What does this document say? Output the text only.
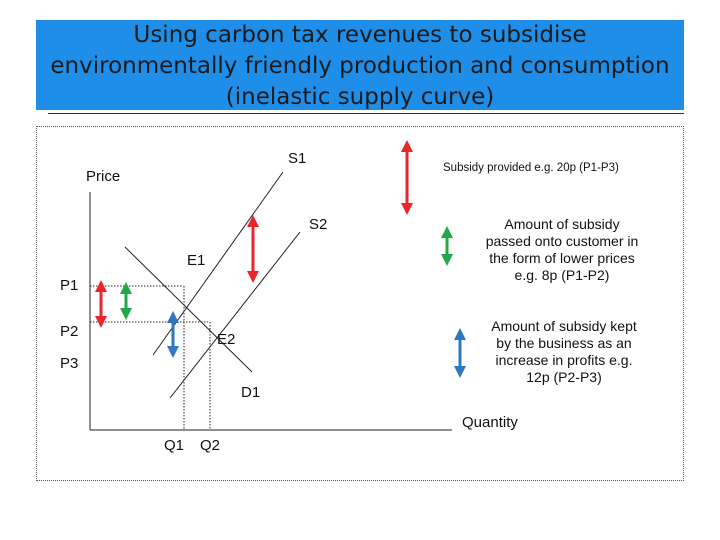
Using carbon tax revenues to subsidise
environmentally friendly production and consumption
(inelastic supply curve)
Price
S1
S2
E1
E2
D1
P1
P2
P3
Q1 Q2
Quantity
Subsidy provided e.g. 20p (P1-P3)
Amount of subsidy
passed onto customer in
the form of lower prices
e.g. 8p (P1-P2)
Amount of subsidy kept
by the business as an
increase in profits e.g.
12p (P2-P3)
